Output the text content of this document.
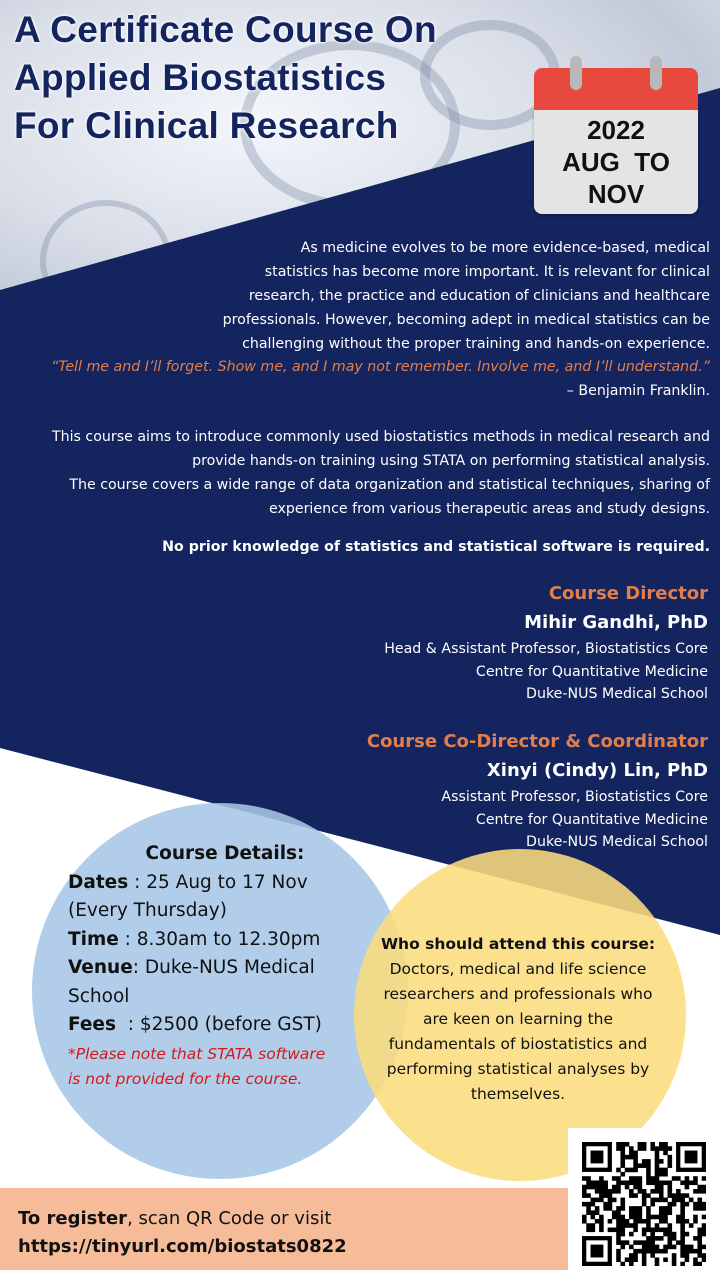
A Certificate Course On
Applied Biostatistics
For Clinical Research	2022
AUG  TO
NOV
As medicine evolves to be more evidence-based, medical
statistics has become more important. It is relevant for clinical
research, the practice and education of clinicians and healthcare
professionals. However, becoming adept in medical statistics can be
challenging without the proper training and hands-on experience.
“Tell me and I’ll forget. Show me, and I may not remember. Involve me, and I’ll understand.”
– Benjamin Franklin.
This course aims to introduce commonly used biostatistics methods in medical research and
provide hands-on training using STATA on performing statistical analysis.
The course covers a wide range of data organization and statistical techniques, sharing of
experience from various therapeutic areas and study designs.
No prior knowledge of statistics and statistical software is required.
Course Director
Mihir Gandhi, PhD
Head & Assistant Professor, Biostatistics Core
Centre for Quantitative Medicine
Duke-NUS Medical School
Course Co-Director & Coordinator
Xinyi (Cindy) Lin, PhD
Assistant Professor, Biostatistics Core
Centre for Quantitative Medicine
Duke-NUS Medical School
Course Details:
Dates : 25 Aug to 17 Nov
(Every Thursday)
Time : 8.30am to 12.30pm
Venue: Duke-NUS Medical
School
Fees  : $2500 (before GST)
*Please note that STATA software
is not provided for the course.
Who should attend this course:
Doctors, medical and life science
researchers and professionals who
are keen on learning the
fundamentals of biostatistics and
performing statistical analyses by
themselves.
To register, scan QR Code or visit
https://tinyurl.com/biostats0822
